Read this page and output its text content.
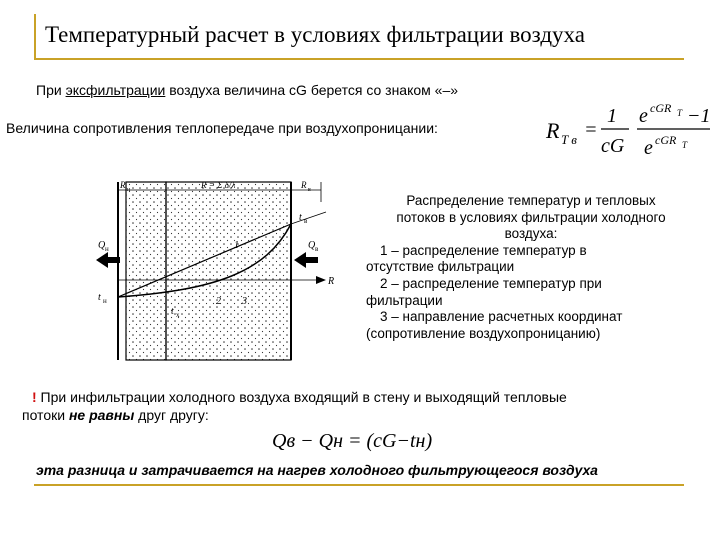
Температурный расчет в условиях фильтрации воздуха
При эксфильтрации воздуха величина cG берется со знаком «–»
Величина сопротивления теплопередаче при воздухопроницании:	R T в =
1
cG
e cGR T −1
e cGR T
R = Σ δ/λ
R н	R в
t в
t н
t x
1
2 3
Q н	Q в
R
Распределение температур и тепловых
потоков в условиях фильтрации холодного
воздуха:
1 – распределение температур в
отсутствие фильтрации
2 – распределение температур при
фильтрации
3 – направление расчетных координат
(сопротивление воздухопроницанию)
! При инфильтрации холодного воздуха входящий в стену и выходящий тепловые
потоки не равны друг другу:
Qв − Qн = (cG−tн)
эта разница и затрачивается на нагрев холодного фильтрующегося воздуха
